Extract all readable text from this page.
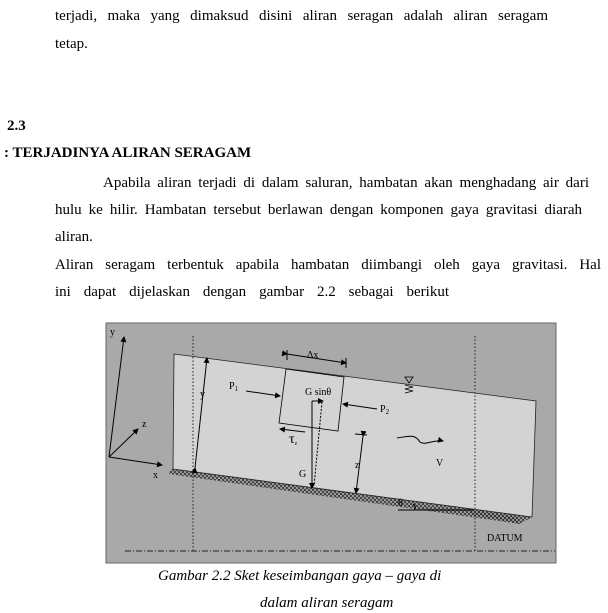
terjadi, maka yang dimaksud disini aliran seragan adalah aliran seragam
tetap.
2.3
: TERJADINYA ALIRAN SERAGAM
Apabila aliran terjadi di dalam saluran, hambatan akan menghadang air dari
hulu ke hilir. Hambatan tersebut berlawan dengan komponen gaya gravitasi diarah
aliran.
Aliran seragam terbentuk apabila hambatan diimbangi oleh gaya gravitasi. Hal
ini dapat dijelaskan dengan gambar 2.2 sebagai berikut
y
x
z
y
Δx
$P_1$
$P_2$
G sinθ
G
$\tau_z$
z	V
θ
DATUM
Gambar 2.2 Sket keseimbangan gaya – gaya di
dalam aliran seragam
